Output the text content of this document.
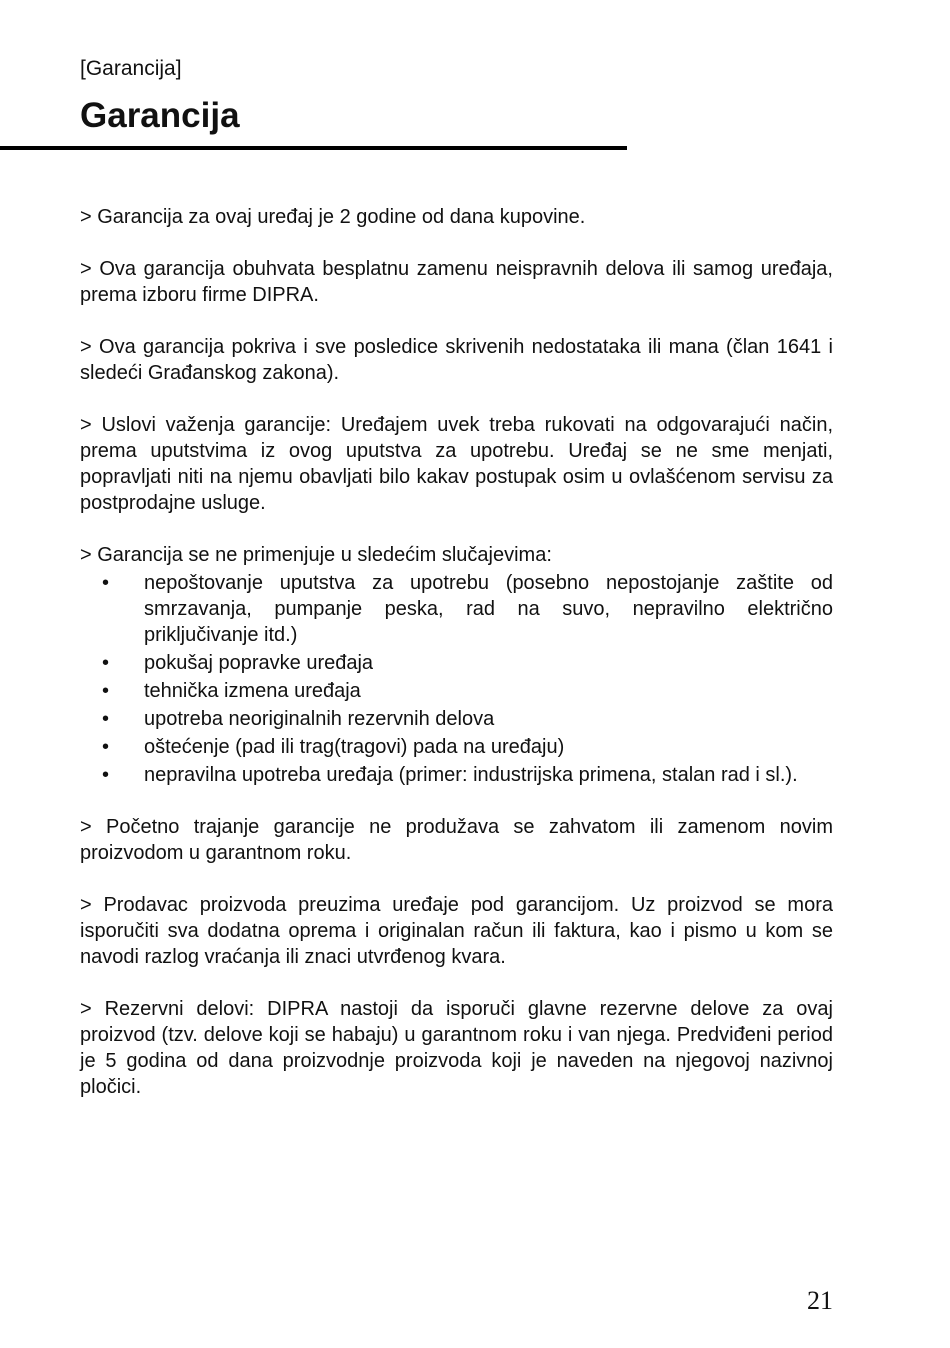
[Garancija]
Garancija

> Garancija za ovaj uređaj je 2 godine od dana kupovine.

> Ova garancija obuhvata besplatnu zamenu neispravnih delova ili samog uređaja, prema izboru firme DIPRA.

> Ova garancija pokriva i sve posledice skrivenih nedostataka ili mana (član 1641 i sledeći Građanskog zakona).

> Uslovi važenja garancije: Uređajem uvek treba rukovati na odgovarajući način, prema uputstvima iz ovog uputstva za upotrebu. Uređaj se ne sme menjati, popravljati niti na njemu obavljati bilo kakav postupak osim u ovlašćenom servisu za postprodajne usluge.

> Garancija se ne primenjuje u sledećim slučajevima:

• nepoštovanje uputstva za upotrebu (posebno nepostojanje zaštite od smrzavanja, pumpanje peska, rad na suvo, nepravilno električno priključivanje itd.)
• pokušaj popravke uređaja
• tehnička izmena uređaja
• upotreba neoriginalnih rezervnih delova
• oštećenje (pad ili trag(tragovi) pada na uređaju)
• nepravilna upotreba uređaja (primer: industrijska primena, stalan rad i sl.).

> Početno trajanje garancije ne produžava se zahvatom ili zamenom novim proizvodom u garantnom roku.

> Prodavac proizvoda preuzima uređaje pod garancijom. Uz proizvod se mora isporučiti sva dodatna oprema i originalan račun ili faktura, kao i pismo u kom se navodi razlog vraćanja ili znaci utvrđenog kvara.

> Rezervni delovi: DIPRA nastoji da isporuči glavne rezervne delove za ovaj proizvod (tzv. delove koji se habaju) u garantnom roku i van njega. Predviđeni period je 5 godina od dana proizvodnje proizvoda koji je naveden na njegovoj nazivnoj pločici.

21
